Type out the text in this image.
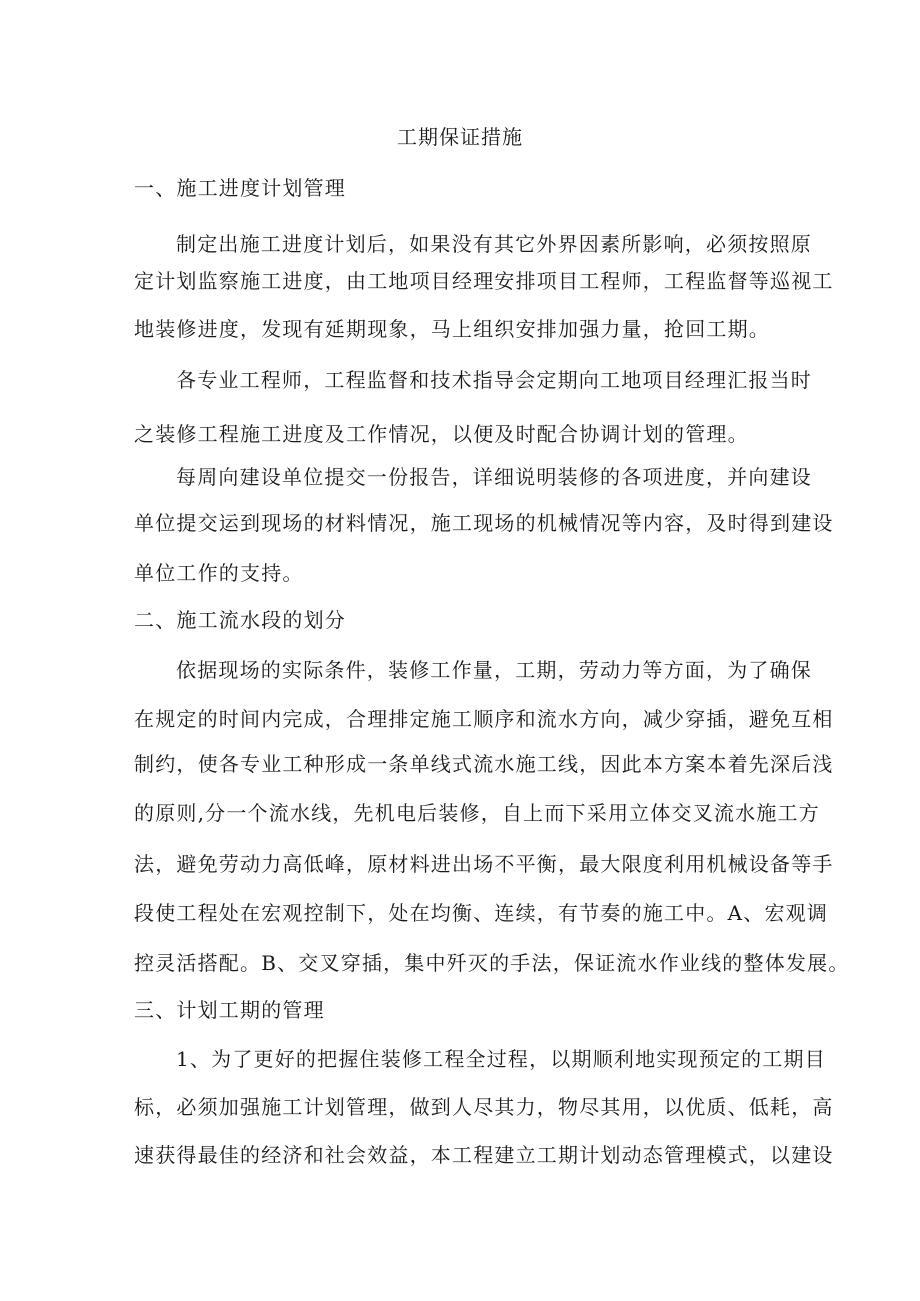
工期保证措施
一、施工进度计划管理
制定出施工进度计划后，如果没有其它外界因素所影响，必须按照原
定计划监察施工进度，由工地项目经理安排项目工程师，工程监督等巡视工
地装修进度，发现有延期现象，马上组织安排加强力量，抢回工期。
各专业工程师，工程监督和技术指导会定期向工地项目经理汇报当时
之装修工程施工进度及工作情况，以便及时配合协调计划的管理。
每周向建设单位提交一份报告，详细说明装修的各项进度，并向建设
单位提交运到现场的材料情况，施工现场的机械情况等内容，及时得到建设
单位工作的支持。
二、施工流水段的划分
依据现场的实际条件，装修工作量，工期，劳动力等方面，为了确保
在规定的时间内完成，合理排定施工顺序和流水方向，减少穿插，避免互相
制约，使各专业工种形成一条单线式流水施工线，因此本方案本着先深后浅
的原则,分一个流水线，先机电后装修，自上而下采用立体交叉流水施工方
法，避免劳动力高低峰，原材料进出场不平衡，最大限度利用机械设备等手
段使工程处在宏观控制下，处在均衡、连续，有节奏的施工中。A、宏观调
控灵活搭配。B、交叉穿插，集中歼灭的手法，保证流水作业线的整体发展。
三、计划工期的管理
1、为了更好的把握住装修工程全过程，以期顺利地实现预定的工期目
标，必须加强施工计划管理，做到人尽其力，物尽其用，以优质、低耗，高
速获得最佳的经济和社会效益，本工程建立工期计划动态管理模式，以建设
